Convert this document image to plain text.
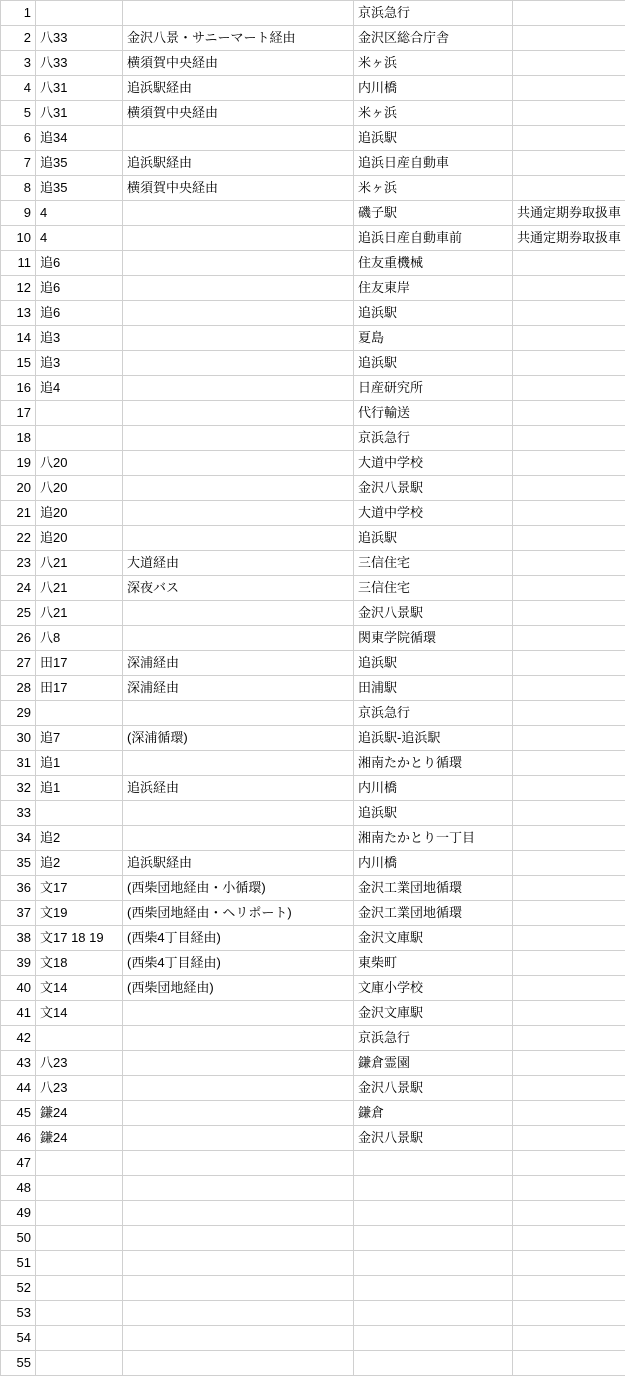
1			京浜急行	
2	八33	金沢八景・サニーマート経由	金沢区総合庁舎	
3	八33	横須賀中央経由	米ヶ浜	
4	八31	追浜駅経由	内川橋	
5	八31	横須賀中央経由	米ヶ浜	
6	追34		追浜駅	
7	追35	追浜駅経由	追浜日産自動車	
8	追35	横須賀中央経由	米ヶ浜	
9	4		磯子駅	共通定期券取扱車
10	4		追浜日産自動車前	共通定期券取扱車
11	追6		住友重機械	
12	追6		住友東岸	
13	追6		追浜駅	
14	追3		夏島	
15	追3		追浜駅	
16	追4		日産研究所	
17			代行輸送	
18			京浜急行	
19	八20		大道中学校	
20	八20		金沢八景駅	
21	追20		大道中学校	
22	追20		追浜駅	
23	八21	大道経由	三信住宅	
24	八21	深夜バス	三信住宅	
25	八21		金沢八景駅	
26	八8		関東学院循環	
27	田17	深浦経由	追浜駅	
28	田17	深浦経由	田浦駅	
29			京浜急行	
30	追7	(深浦循環)	追浜駅-追浜駅	
31	追1		湘南たかとり循環	
32	追1	追浜経由	内川橋	
33			追浜駅	
34	追2		湘南たかとり一丁目	
35	追2	追浜駅経由	内川橋	
36	文17	(西柴団地経由・小循環)	金沢工業団地循環	
37	文19	(西柴団地経由・ヘリポート)	金沢工業団地循環	
38	文17 18 19	(西柴4丁目経由)	金沢文庫駅	
39	文18	(西柴4丁目経由)	東柴町	
40	文14	(西柴団地経由)	文庫小学校	
41	文14		金沢文庫駅	
42			京浜急行	
43	八23		鎌倉霊園	
44	八23		金沢八景駅	
45	鎌24		鎌倉	
46	鎌24		金沢八景駅	
47				
48				
49				
50				
51				
52				
53				
54				
55				
